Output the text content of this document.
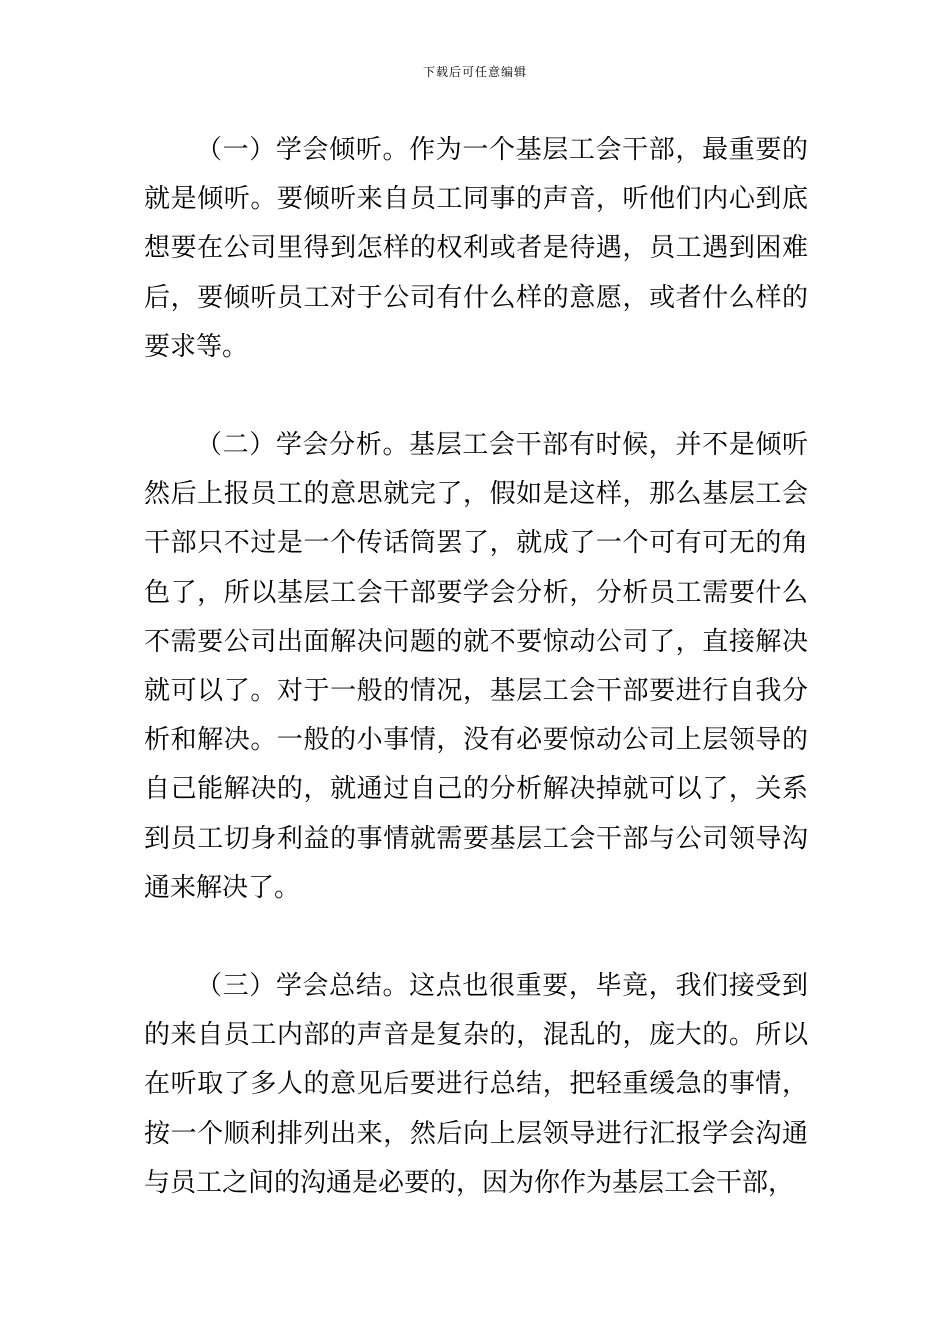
下载后可任意编辑

（一）学会倾听。作为一个基层工会干部，最重要的就是倾听。要倾听来自员工同事的声音，听他们内心到底想要在公司里得到怎样的权利或者是待遇，员工遇到困难后，要倾听员工对于公司有什么样的意愿，或者什么样的要求等。

（二）学会分析。基层工会干部有时候，并不是倾听然后上报员工的意思就完了，假如是这样，那么基层工会干部只不过是一个传话筒罢了，就成了一个可有可无的角色了，所以基层工会干部要学会分析，分析员工需要什么不需要公司出面解决问题的就不要惊动公司了，直接解决就可以了。对于一般的情况，基层工会干部要进行自我分析和解决。一般的小事情，没有必要惊动公司上层领导的自己能解决的，就通过自己的分析解决掉就可以了，关系到员工切身利益的事情就需要基层工会干部与公司领导沟通来解决了。

（三）学会总结。这点也很重要，毕竟，我们接受到的来自员工内部的声音是复杂的，混乱的，庞大的。所以在听取了多人的意见后要进行总结，把轻重缓急的事情，按一个顺利排列出来，然后向上层领导进行汇报学会沟通与员工之间的沟通是必要的，因为你作为基层工会干部，
